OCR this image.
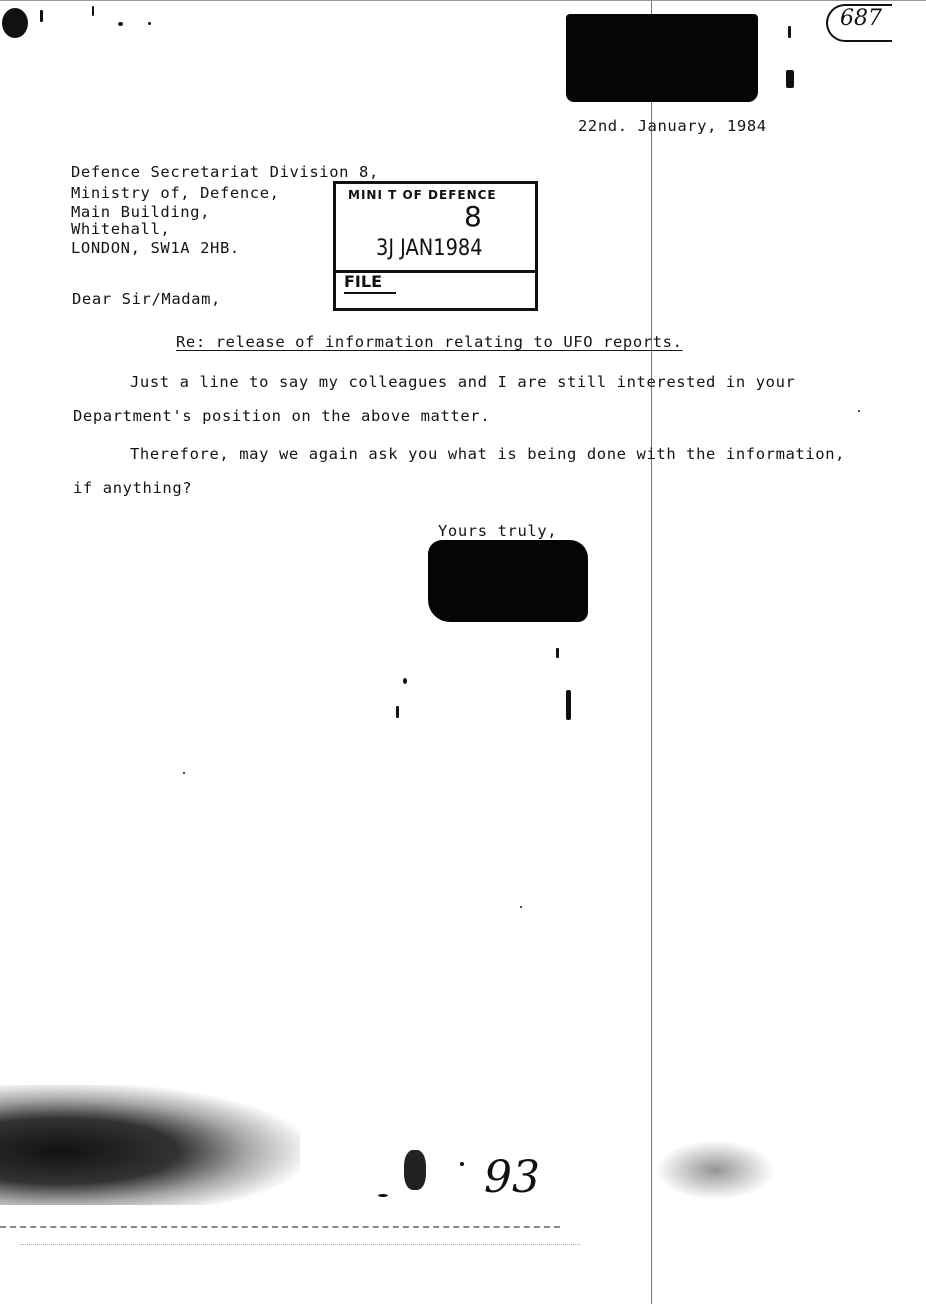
687
22nd. January, 1984
Defence Secretariat Division 8,
Ministry of, Defence,
Main Building,
Whitehall,
LONDON, SW1A 2HB.
MINI T OF DEFENCE
8
3J JAN1984
FILE
Dear Sir/Madam,
Re: release of information relating to UFO reports.
Just a line to say my colleagues and I are still interested in your
Department's position on the above matter.
Therefore, may we again ask you what is being done with the information,
if anything?
Yours truly,
93
